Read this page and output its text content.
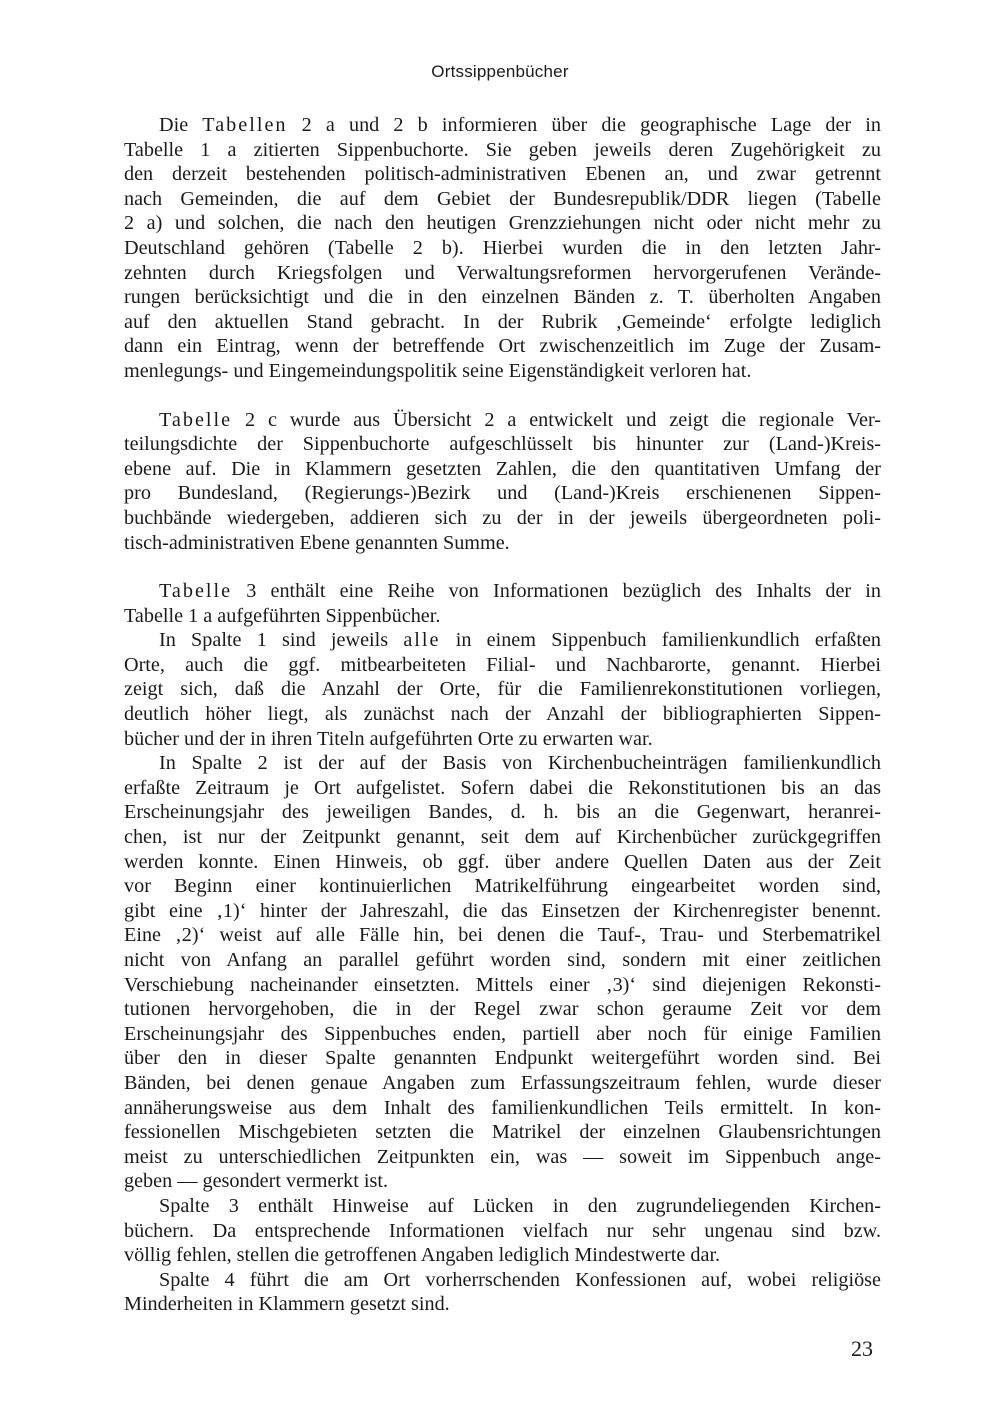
Ortssippenbücher
Die Tabellen 2 a und 2 b informieren über die geographische Lage der in
Tabelle 1 a zitierten Sippenbuchorte. Sie geben jeweils deren Zugehörigkeit zu
den derzeit bestehenden politisch-administrativen Ebenen an, und zwar getrennt
nach Gemeinden, die auf dem Gebiet der Bundesrepublik/DDR liegen (Tabelle
2 a) und solchen, die nach den heutigen Grenzziehungen nicht oder nicht mehr zu
Deutschland gehören (Tabelle 2 b). Hierbei wurden die in den letzten Jahr-
zehnten durch Kriegsfolgen und Verwaltungsreformen hervorgerufenen Verände-
rungen berücksichtigt und die in den einzelnen Bänden z. T. überholten Angaben
auf den aktuellen Stand gebracht. In der Rubrik ‚Gemeinde‘ erfolgte lediglich
dann ein Eintrag, wenn der betreffende Ort zwischenzeitlich im Zuge der Zusam-
menlegungs- und Eingemeindungspolitik seine Eigenständigkeit verloren hat.
Tabelle 2 c wurde aus Übersicht 2 a entwickelt und zeigt die regionale Ver-
teilungsdichte der Sippenbuchorte aufgeschlüsselt bis hinunter zur (Land-)Kreis-
ebene auf. Die in Klammern gesetzten Zahlen, die den quantitativen Umfang der
pro Bundesland, (Regierungs-)Bezirk und (Land-)Kreis erschienenen Sippen-
buchbände wiedergeben, addieren sich zu der in der jeweils übergeordneten poli-
tisch-administrativen Ebene genannten Summe.
Tabelle 3 enthält eine Reihe von Informationen bezüglich des Inhalts der in
Tabelle 1 a aufgeführten Sippenbücher.
In Spalte 1 sind jeweils alle in einem Sippenbuch familienkundlich erfaßten
Orte, auch die ggf. mitbearbeiteten Filial- und Nachbarorte, genannt. Hierbei
zeigt sich, daß die Anzahl der Orte, für die Familienrekonstitutionen vorliegen,
deutlich höher liegt, als zunächst nach der Anzahl der bibliographierten Sippen-
bücher und der in ihren Titeln aufgeführten Orte zu erwarten war.
In Spalte 2 ist der auf der Basis von Kirchenbucheinträgen familienkundlich
erfaßte Zeitraum je Ort aufgelistet. Sofern dabei die Rekonstitutionen bis an das
Erscheinungsjahr des jeweiligen Bandes, d. h. bis an die Gegenwart, heranrei-
chen, ist nur der Zeitpunkt genannt, seit dem auf Kirchenbücher zurückgegriffen
werden konnte. Einen Hinweis, ob ggf. über andere Quellen Daten aus der Zeit
vor Beginn einer kontinuierlichen Matrikelführung eingearbeitet worden sind,
gibt eine ‚1)‘ hinter der Jahreszahl, die das Einsetzen der Kirchenregister benennt.
Eine ‚2)‘ weist auf alle Fälle hin, bei denen die Tauf-, Trau- und Sterbematrikel
nicht von Anfang an parallel geführt worden sind, sondern mit einer zeitlichen
Verschiebung nacheinander einsetzten. Mittels einer ‚3)‘ sind diejenigen Rekonsti-
tutionen hervorgehoben, die in der Regel zwar schon geraume Zeit vor dem
Erscheinungsjahr des Sippenbuches enden, partiell aber noch für einige Familien
über den in dieser Spalte genannten Endpunkt weitergeführt worden sind. Bei
Bänden, bei denen genaue Angaben zum Erfassungszeitraum fehlen, wurde dieser
annäherungsweise aus dem Inhalt des familienkundlichen Teils ermittelt. In kon-
fessionellen Mischgebieten setzten die Matrikel der einzelnen Glaubensrichtungen
meist zu unterschiedlichen Zeitpunkten ein, was — soweit im Sippenbuch ange-
geben — gesondert vermerkt ist.
Spalte 3 enthält Hinweise auf Lücken in den zugrundeliegenden Kirchen-
büchern. Da entsprechende Informationen vielfach nur sehr ungenau sind bzw.
völlig fehlen, stellen die getroffenen Angaben lediglich Mindestwerte dar.
Spalte 4 führt die am Ort vorherrschenden Konfessionen auf, wobei religiöse
Minderheiten in Klammern gesetzt sind.
23
